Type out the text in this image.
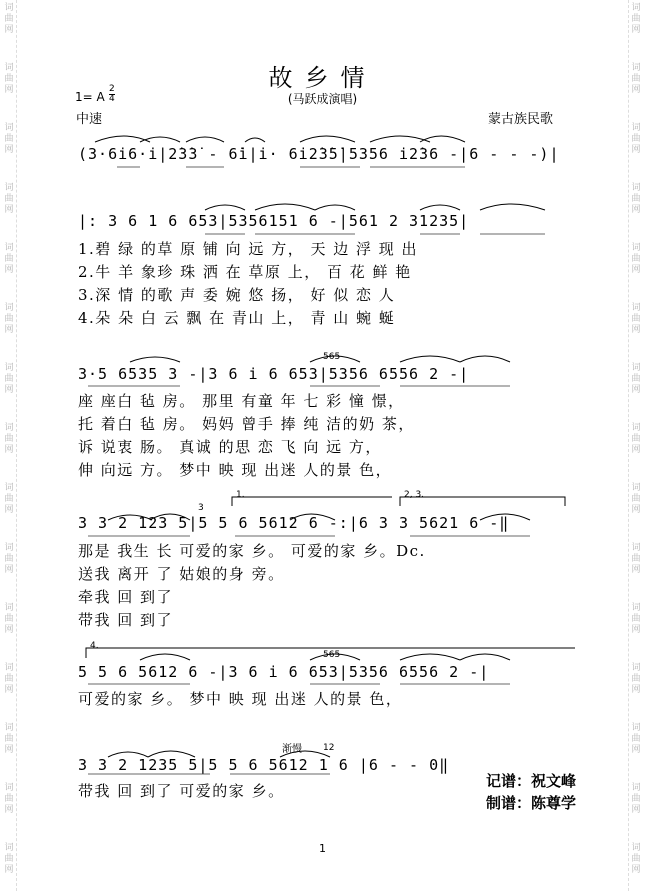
词曲网
词曲网
词曲网
词曲网
词曲网
词曲网
词曲网
词曲网
词曲网
词曲网
词曲网
词曲网
词曲网
词曲网
词曲网
词曲网
词曲网
词曲网
词曲网
词曲网
词曲网
词曲网
词曲网
词曲网
词曲网
词曲网
词曲网
词曲网
词曲网
词曲网
故乡情
(马跃成演唱)
1= A $\frac{2}{4}$
中速	蒙古族民歌
(3·6i6·i|2̇3̇3̇ - 6̇i|i· 6i2̇3̇5̇|5356 i2̇36 -|6 - - -)|
|: 3 6 1 6 653|5356151 6 -|561 2 31235|
1.碧 绿 的草 原 铺 向 远 方， 天 边 浮 现 出
2.牛 羊 象珍 珠 洒 在 草原 上， 百 花 鲜 艳
3.深 情 的歌 声 委 婉 悠 扬， 好 似 恋 人
4.朵 朵 白 云 飘 在 青山 上， 青 山 蜿 蜒
565
3·5 6535 3 -|3 6 i 6 653|5356 6556 2 -|
座 座白 毡 房。 那里 有童 年 七 彩 憧 憬，
托 着白 毡 房。 妈妈 曾手 捧 纯 洁的奶 茶，
诉 说衷 肠。 真诚 的思 恋 飞 向 远 方，
伸 向远 方。 梦中 映 现 出迷 人的景 色，
1.	2, 3.
3
3 3 2 123 5|5 5 6 5612 6 -:|6 3 3 5621 6 -‖
那是 我生 长 可爱的家 乡。 可爱的家 乡。Dc.
送我 离开 了 姑娘的身 旁。
牵我 回 到了
带我 回 到了
4.
565
5 5 6 5612 6 -|3 6 i 6 653|5356 6556 2 -|
可爱的家 乡。 梦中 映 现 出迷 人的景 色，
渐慢 12
3 3 2 1235 5|5 5 6 5612 1 6 |6 - - 0‖
带我 回 到了 可爱的家 乡。
记谱：祝文峰
制谱：陈尊学
1
